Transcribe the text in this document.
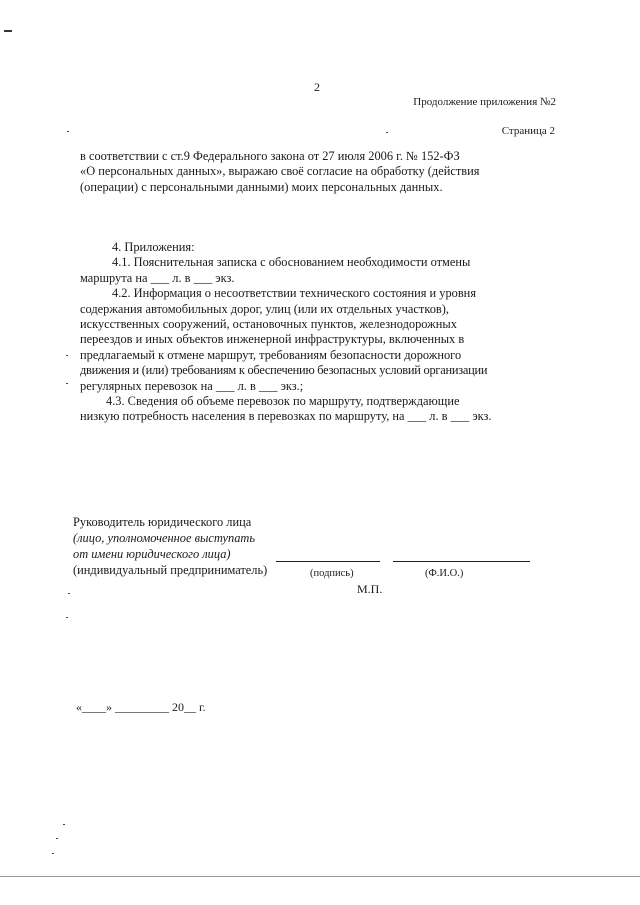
2
Продолжение приложения №2
Страница 2

в соответствии с ст.9 Федерального закона от 27 июля 2006 г. № 152-ФЗ

«О персональных данных», выражаю своё согласие на обработку (действия

(операции) с персональными данными) моих персональных данных.

4. Приложения:

4.1. Пояснительная записка с обоснованием необходимости отмены

маршрута на ___ л. в ___ экз.

4.2. Информация о несоответствии технического состояния и уровня

содержания автомобильных дорог, улиц (или их отдельных участков),

искусственных сооружений, остановочных пунктов, железнодорожных

переездов и иных объектов инженерной инфраструктуры, включенных в

предлагаемый к отмене маршрут, требованиям безопасности дорожного

движения и (или) требованиям к обеспечению безопасных условий организации

регулярных перевозок на ___ л. в ___ экз.;

4.3. Сведения об объеме перевозок по маршруту, подтверждающие

низкую потребность населения в перевозках по маршруту, на ___ л. в ___ экз.

Руководитель юридического лица
(лицо, уполномоченное выступать
от имени юридического лица)
(индивидуальный предприниматель)	(подпись)	(Ф.И.О.)
М.П.
«____» _________ 20__ г.
